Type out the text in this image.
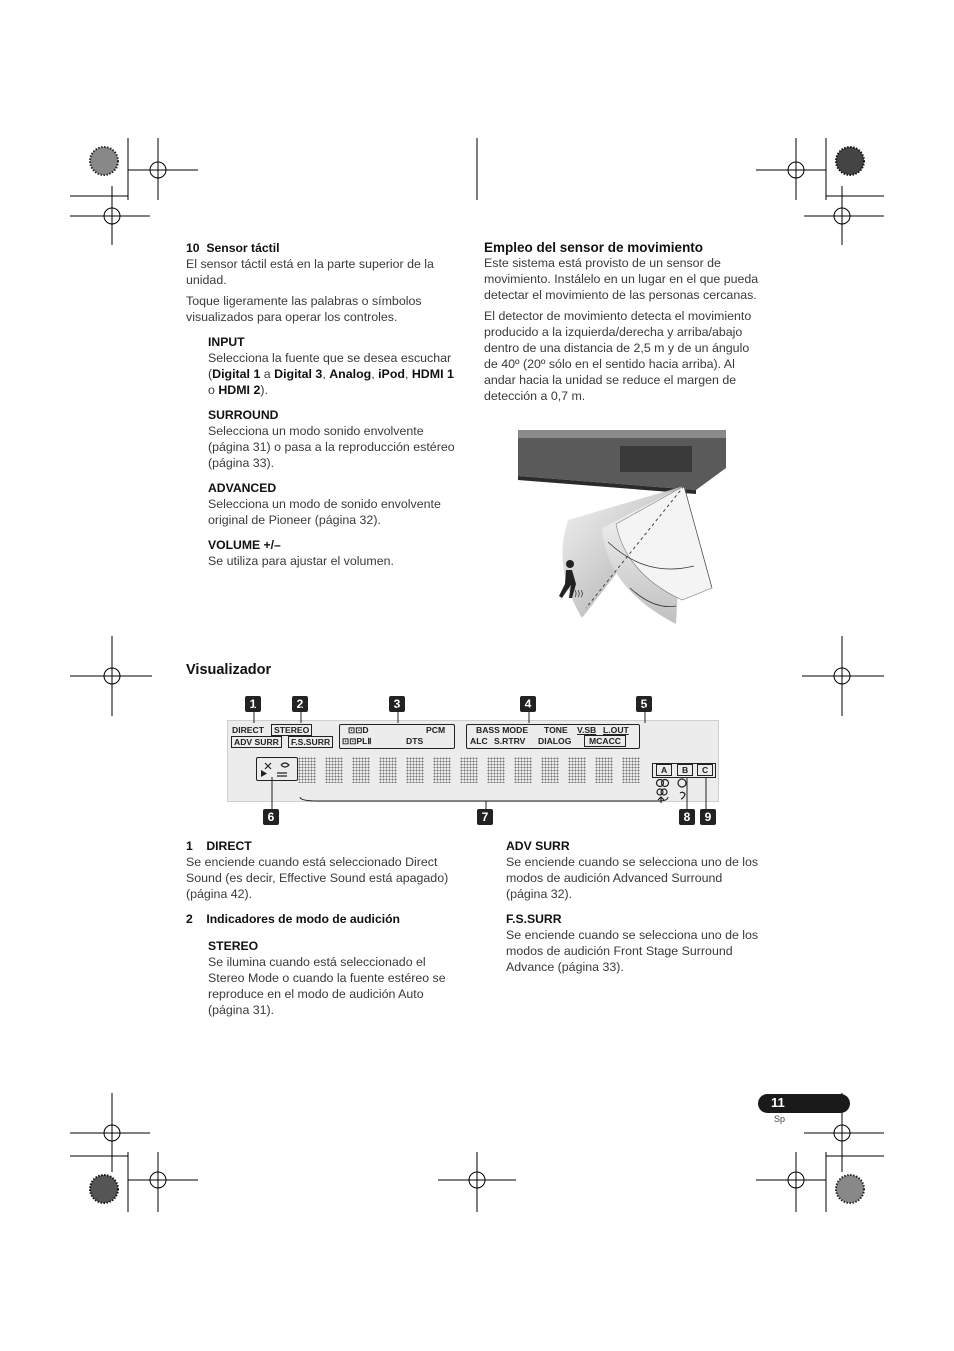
10 Sensor táctil

El sensor táctil está en la parte superior de la unidad.

Toque ligeramente las palabras o símbolos visualizados para operar los controles.

INPUT

Selecciona la fuente que se desea escuchar (Digital 1 a Digital 3, Analog, iPod, HDMI 1 o HDMI 2).

SURROUND

Selecciona un modo sonido envolvente (página 31) o pasa a la reproducción estéreo (página 33).

ADVANCED

Selecciona un modo de sonido envolvente original de Pioneer (página 32).

VOLUME +/–

Se utiliza para ajustar el volumen.

Empleo del sensor de movimiento

Este sistema está provisto de un sensor de movimiento. Instálelo en un lugar en el que pueda detectar el movimiento de las personas cercanas.

El detector de movimiento detecta el movimiento producido a la izquierda/derecha y arriba/abajo dentro de una distancia de 2,5 m y de un ángulo de 40º (20º sólo en el sentido hacia arriba). Al andar hacia la unidad se reduce el margen de detección a 0,7 m.

)))

Visualizador

1	2	3	4	5
6	7	8	9
DIRECT	STEREO
ADV SURR	F.S.SURR
⊡⊡D	PCM
⊡⊡PLⅡ	DTS
BASS MODE TONE V.SB L.OUT
ALC S.RTRV DIALOG	MCACC
A	B	C

1 DIRECT

Se enciende cuando está seleccionado Direct Sound (es decir, Effective Sound está apagado) (página 42).

2 Indicadores de modo de audición

STEREO

Se ilumina cuando está seleccionado el Stereo Mode o cuando la fuente estéreo se reproduce en el modo de audición Auto (página 31).

ADV SURR

Se enciende cuando se selecciona uno de los modos de audición Advanced Surround (página 32).

F.S.SURR

Se enciende cuando se selecciona uno de los modos de audición Front Stage Surround Advance (página 33).

11
Sp
